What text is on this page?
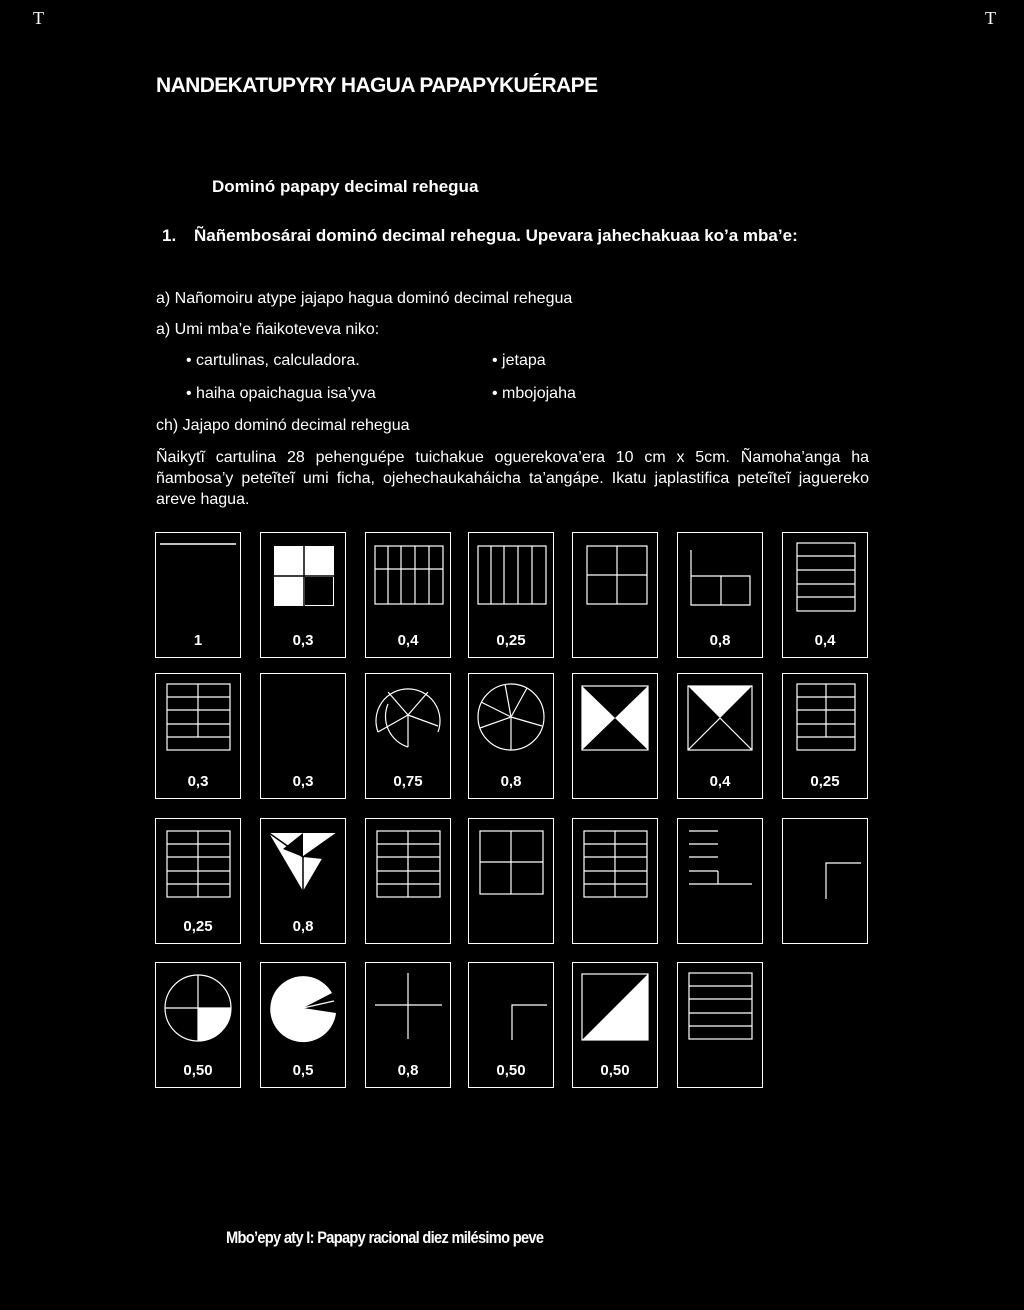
T	T
NANDEKATUPYRY HAGUA PAPAPYKUÉRAPE
Dominó papapy decimal rehegua
1. Ñañembosárai dominó decimal rehegua. Upevara jahechakuaa ko’a mba’e:
a) Nañomoiru atype jajapo hagua dominó decimal rehegua
a) Umi mba’e ñaikoteveva niko:
• cartulinas, calculadora.	• jetapa
• haiha opaichagua isa’yva	• mbojojaha
ch) Jajapo dominó decimal rehegua
Ñaikytĩ cartulina 28 pehenguépe tuichakue oguerekova’era 10 cm x 5cm. Ñamoha’anga ha ñambosa’y peteĩteĩ umi ficha, ojehechaukaháicha ta’angápe. Ikatu japlastifica peteĩteĩ jaguereko areve hagua.
1	0,3	0,4	0,25	0,8	0,4
0,3	0,3	0,75	0,8	0,4	0,25
0,25	0,8
0,50	0,5	0,8	0,50	0,50
Mbo’epy aty I: Papapy racional diez milésimo peve
